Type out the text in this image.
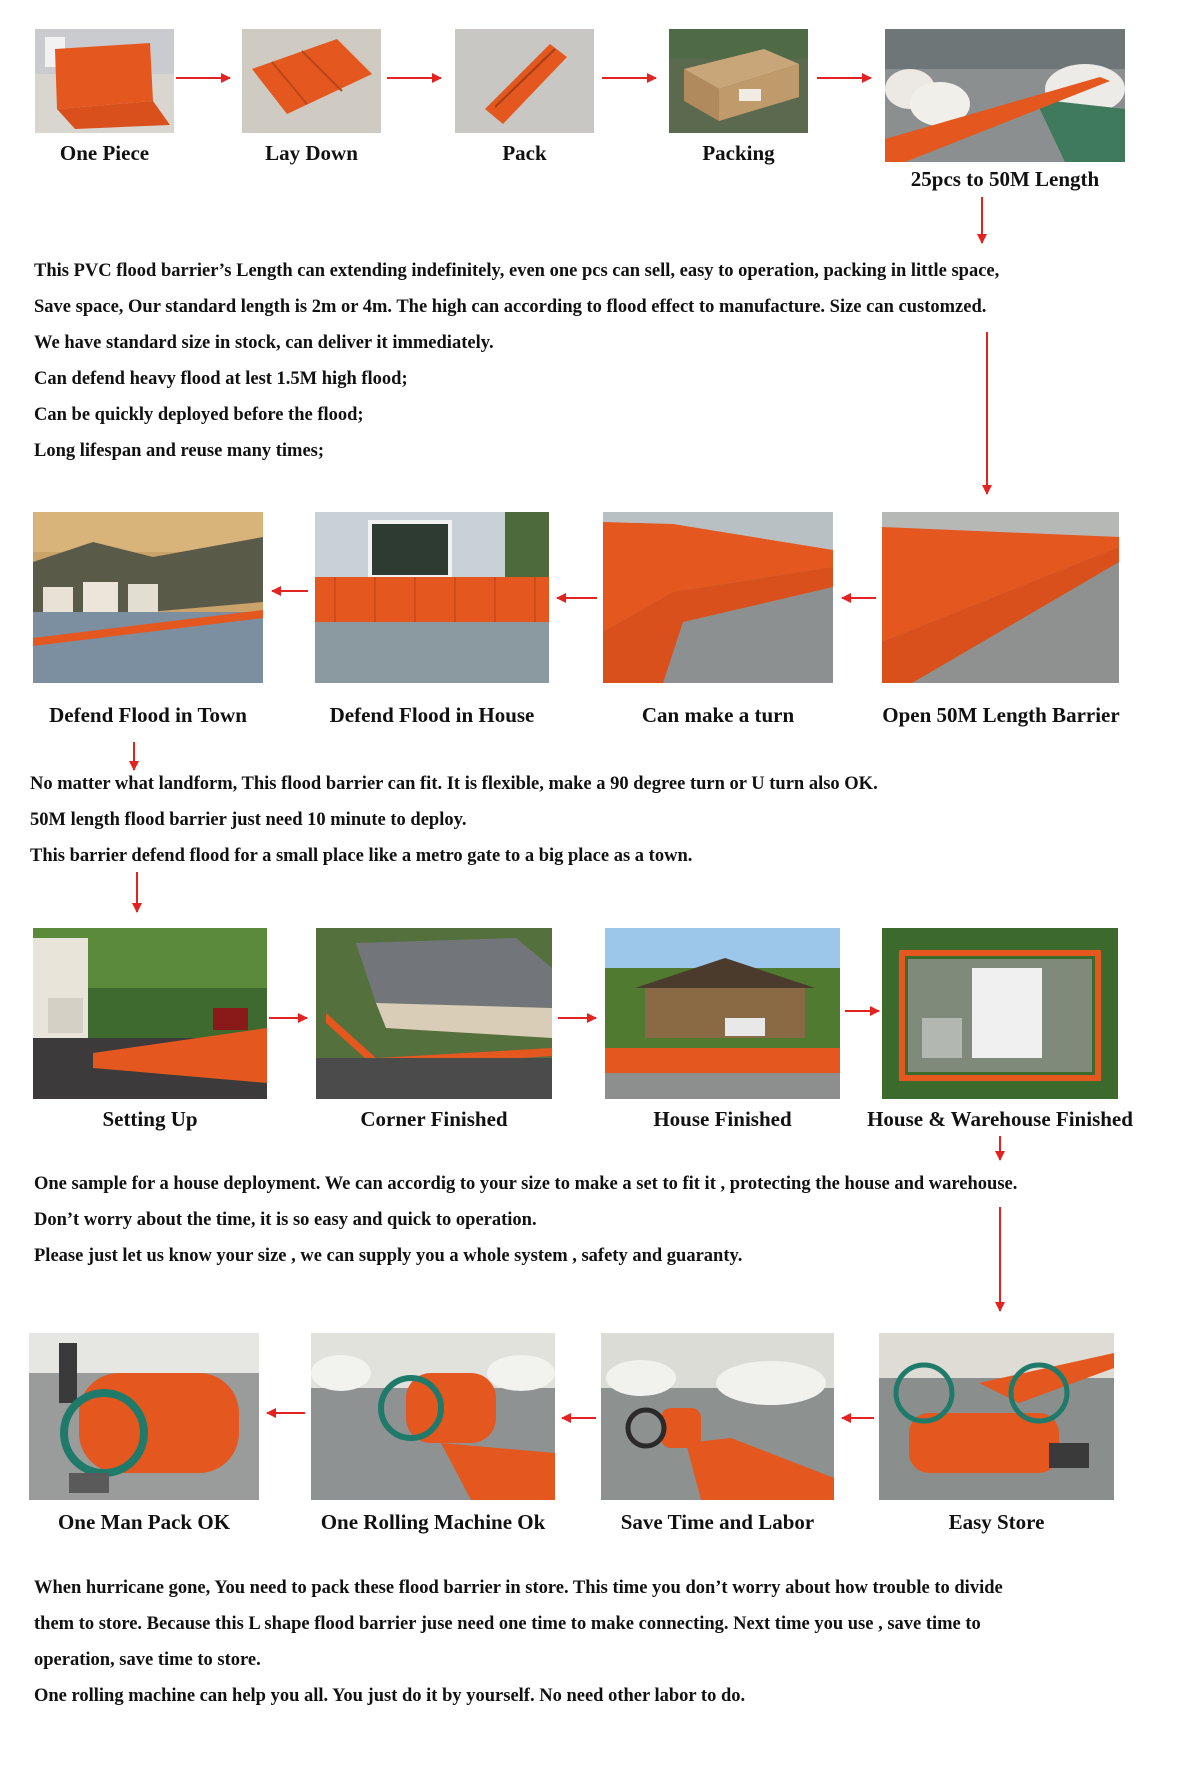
One Piece	Lay Down	Pack	Packing
25pcs to 50M Length
This PVC flood barrier’s Length can extending indefinitely, even one pcs can sell, easy to operation, packing in little space,
Save space, Our standard length is 2m or 4m. The high can according to flood effect to manufacture. Size can customzed.
We have standard size in stock, can deliver it immediately.
Can defend heavy flood at lest 1.5M high flood;
Can be quickly deployed before the flood;
Long lifespan and reuse many times;
Defend Flood in Town	Defend Flood in House	Can make a turn	Open 50M Length Barrier
No matter what landform, This flood barrier can fit. It is flexible, make a 90 degree turn or U turn also OK.
50M length flood barrier just need 10 minute to deploy.
This barrier defend flood for a small place like a metro gate to a big place as a town.
Setting Up	Corner Finished	House Finished	House & Warehouse Finished
One sample for a house deployment. We can accordig to your size to make a set to fit it , protecting the house and warehouse.
Don’t worry about the time, it is so easy and quick to operation.
Please just let us know your size , we can supply you a whole system , safety and guaranty.
One Man Pack OK	One Rolling Machine Ok	Save Time and Labor	Easy Store
When hurricane gone, You need to pack these flood barrier in store. This time you don’t worry about how trouble to divide
them to store. Because this L shape flood barrier juse need one time to make connecting. Next time you use , save time to
operation, save time to store.
One rolling machine can help you all. You just do it by yourself. No need other labor to do.
